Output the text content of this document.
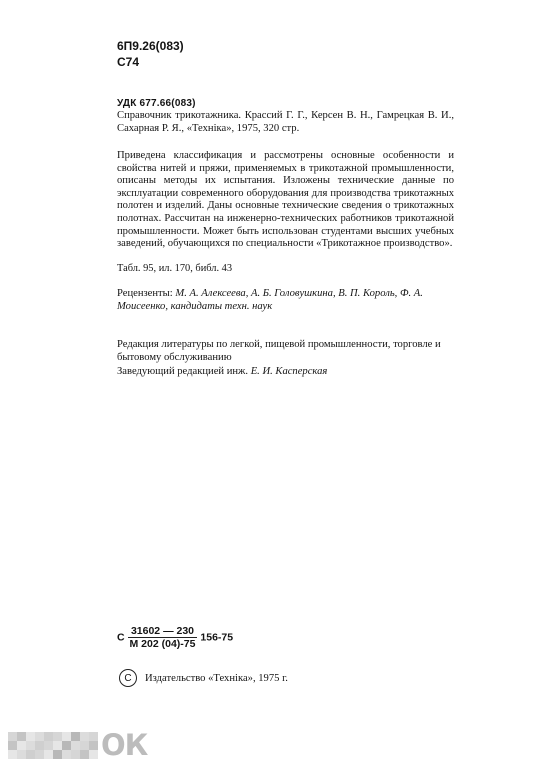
6П9.26(083)
С74
УДК 677.66(083)
Справочник трикотажника. Крассий Г. Г., Керсен В. Н., Гамрецкая В. И., Сахарная Р. Я., «Технiка», 1975, 320 стр.
Приведена классификация и рассмотрены основные особенности и свойства нитей и пряжи, применяемых в трикотажной промышленности, описаны методы их испытания. Изложены технические данные по эксплуатации современного оборудования для производства трикотажных полотен и изделий. Даны основные технические сведения о трикотажных полотнах. Рассчитан на инженерно-технических работников трикотажной промышленности. Может быть использован студентами высших учебных заведений, обучающихся по специальности «Трикотажное производство».
Табл. 95, ил. 170, библ. 43
Рецензенты: М. А. Алексеева, А. Б. Головушкина, В. П. Король, Ф. А. Моисеенко, кандидаты техн. наук
Редакция литературы по легкой, пищевой промышленности, торговле и бытовому обслуживанию
Заведующий редакцией инж. Е. И. Касперская
С $\frac{31602 — 230}{М 202 (04)-75} 156-75$
C	Издательство «Технiка», 1975 г.
ОК
